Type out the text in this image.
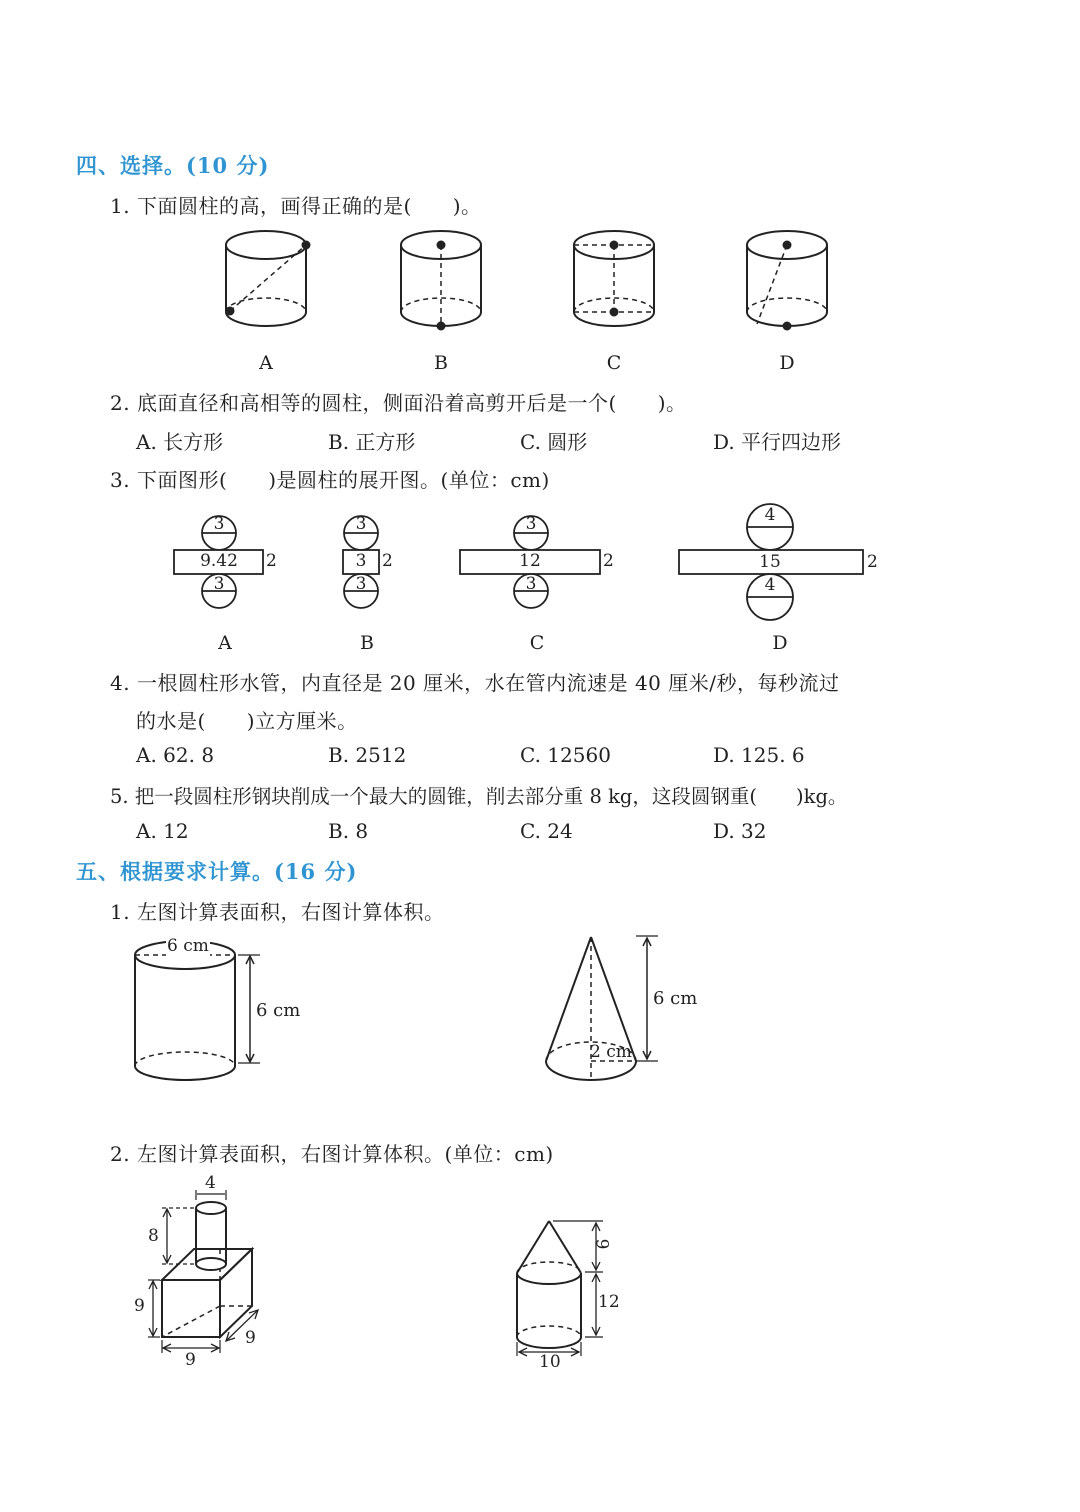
四、选择。(10 分)
1. 下面圆柱的高，画得正确的是(　　)。
A	B	C	D
2. 底面直径和高相等的圆柱，侧面沿着高剪开后是一个(　　)。
A. 长方形	B. 正方形	C. 圆形	D. 平行四边形
3. 下面图形(　　)是圆柱的展开图。(单位：cm)
3
9.42	2
3
3
3 2
3
3
12	2
3
4
15	2
4
A	B	C	D
4. 一根圆柱形水管，内直径是 20 厘米，水在管内流速是 40 厘米/秒，每秒流过
的水是(　　)立方厘米。
A. 62. 8	B. 2512	C. 12560	D. 125. 6
5. 把一段圆柱形钢块削成一个最大的圆锥，削去部分重 8 kg，这段圆钢重(　　)kg。
A. 12	B. 8	C. 24	D. 32
五、根据要求计算。(16 分)
1. 左图计算表面积，右图计算体积。
6 cm
6 cm
6 cm
2 cm
2. 左图计算表面积，右图计算体积。(单位：cm)
4
8
9
9
9
9
12
10
